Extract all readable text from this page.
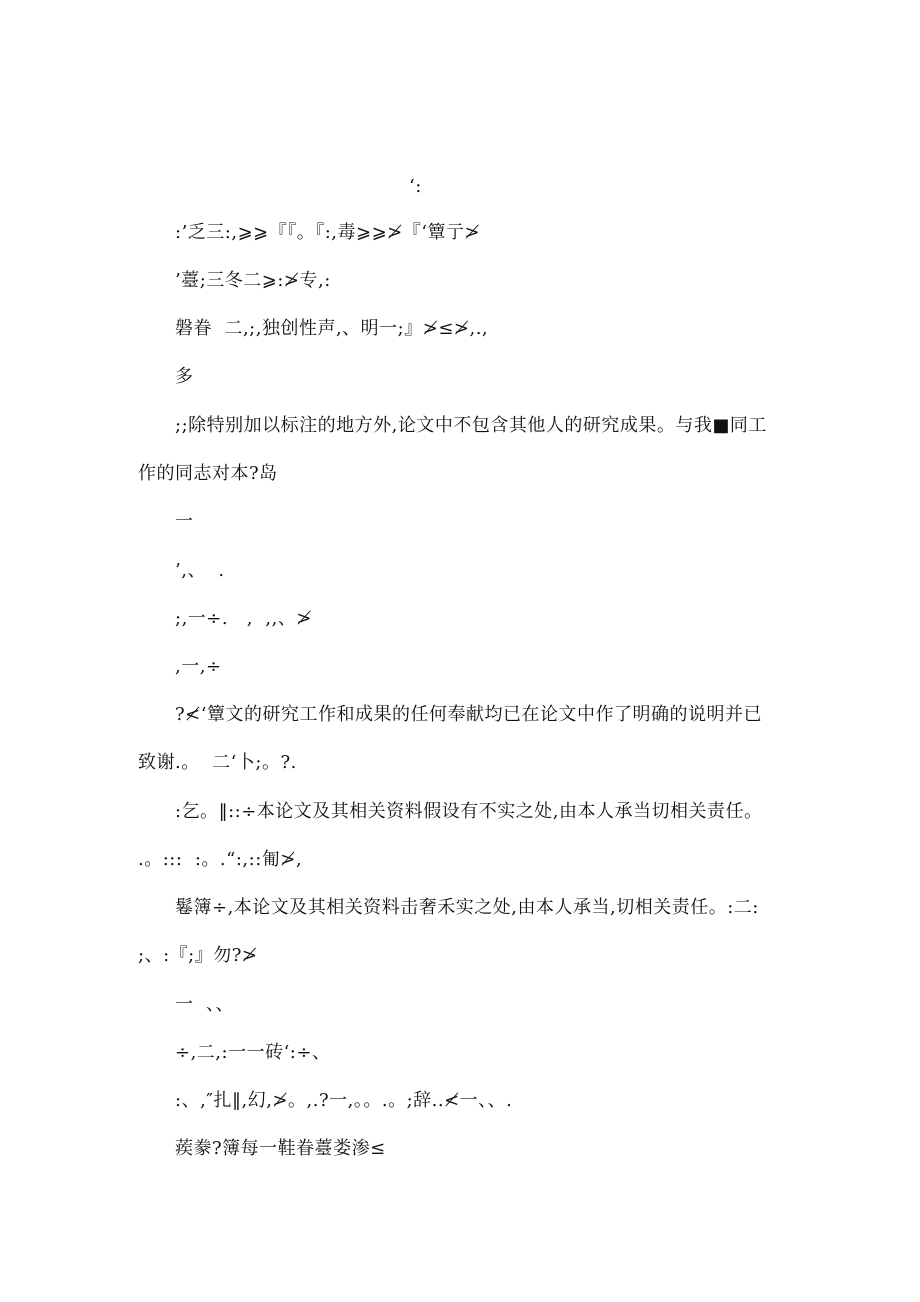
‘:
:’乏三:,⩾⩾『『。『:,毒⩾⩾≯『‘簟亍≯
’薹;三冬二⩾:≯专,:
磐眷  二,;,独创性声,、明一;』≯≤≯,.,
多
;;除特别加以标注的地方外,论文中不包含其他人的研究成果。与我■同工
作的同志对本?岛
一
’,、  .
;,一÷.   ,  ,,、≯
,一,÷
?≮‘簟文的研究工作和成果的任何奉献均已在论文中作了明确的说明并已
致谢.。  二‘卜;。?.
:乞。‖::÷本论文及其相关资料假设有不实之处,由本人承当切相关责任。
.。:::  :。.“:,::匍≯,
鬈簿÷,本论文及其相关资料击奢禾实之处,由本人承当,切相关责任。:二:
;、:『;』勿?≯
一  、、
÷,二,:一一砖‘:÷、
:、,″扎‖,幻,≯。,.?一,。。.。;辞..≮一、、.
蒺豢?簿每一鞋眷薹娄渗≤
